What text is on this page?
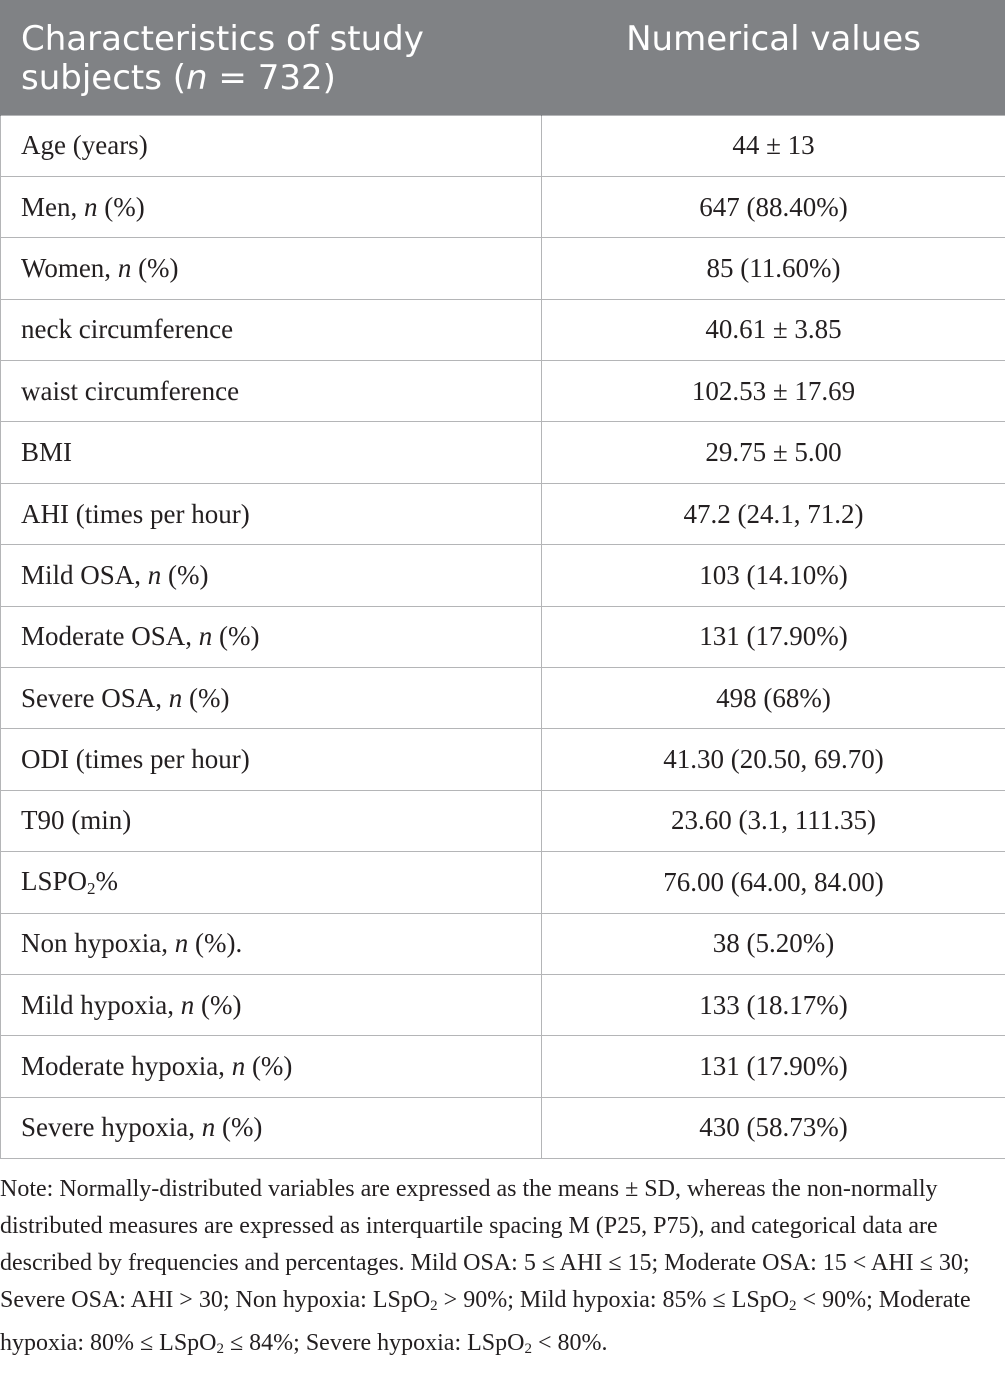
Characteristics of study
subjects (n = 732)	Numerical values
Age (years)	44 ± 13
Men, n (%)	647 (88.40%)
Women, n (%)	85 (11.60%)
neck circumference	40.61 ± 3.85
waist circumference	102.53 ± 17.69
BMI	29.75 ± 5.00
AHI (times per hour)	47.2 (24.1, 71.2)
Mild OSA, n (%)	103 (14.10%)
Moderate OSA, n (%)	131 (17.90%)
Severe OSA, n (%)	498 (68%)
ODI (times per hour)	41.30 (20.50, 69.70)
T90 (min)	23.60 (3.1, 111.35)
$LSPO_2\%$	76.00 (64.00, 84.00)
Non hypoxia, n (%).	38 (5.20%)
Mild hypoxia, n (%)	133 (18.17%)
Moderate hypoxia, n (%)	131 (17.90%)
Severe hypoxia, n (%)	430 (58.73%)
Note: Normally-distributed variables are expressed as the means ± SD, whereas the non-normally distributed measures are expressed as interquartile spacing M (P25, P75), and categorical data are described by frequencies and percentages. Mild OSA: 5 ≤ AHI ≤ 15; Moderate OSA: 15 < AHI ≤ 30; Severe OSA: AHI > 30; Non hypoxia: LSpO$_2$ > 90%; Mild hypoxia: 85% ≤ LSpO$_2$ < 90%; Moderate hypoxia: 80% ≤ LSpO$_2$ ≤ 84%; Severe hypoxia: LSpO$_2$ < 80%.
